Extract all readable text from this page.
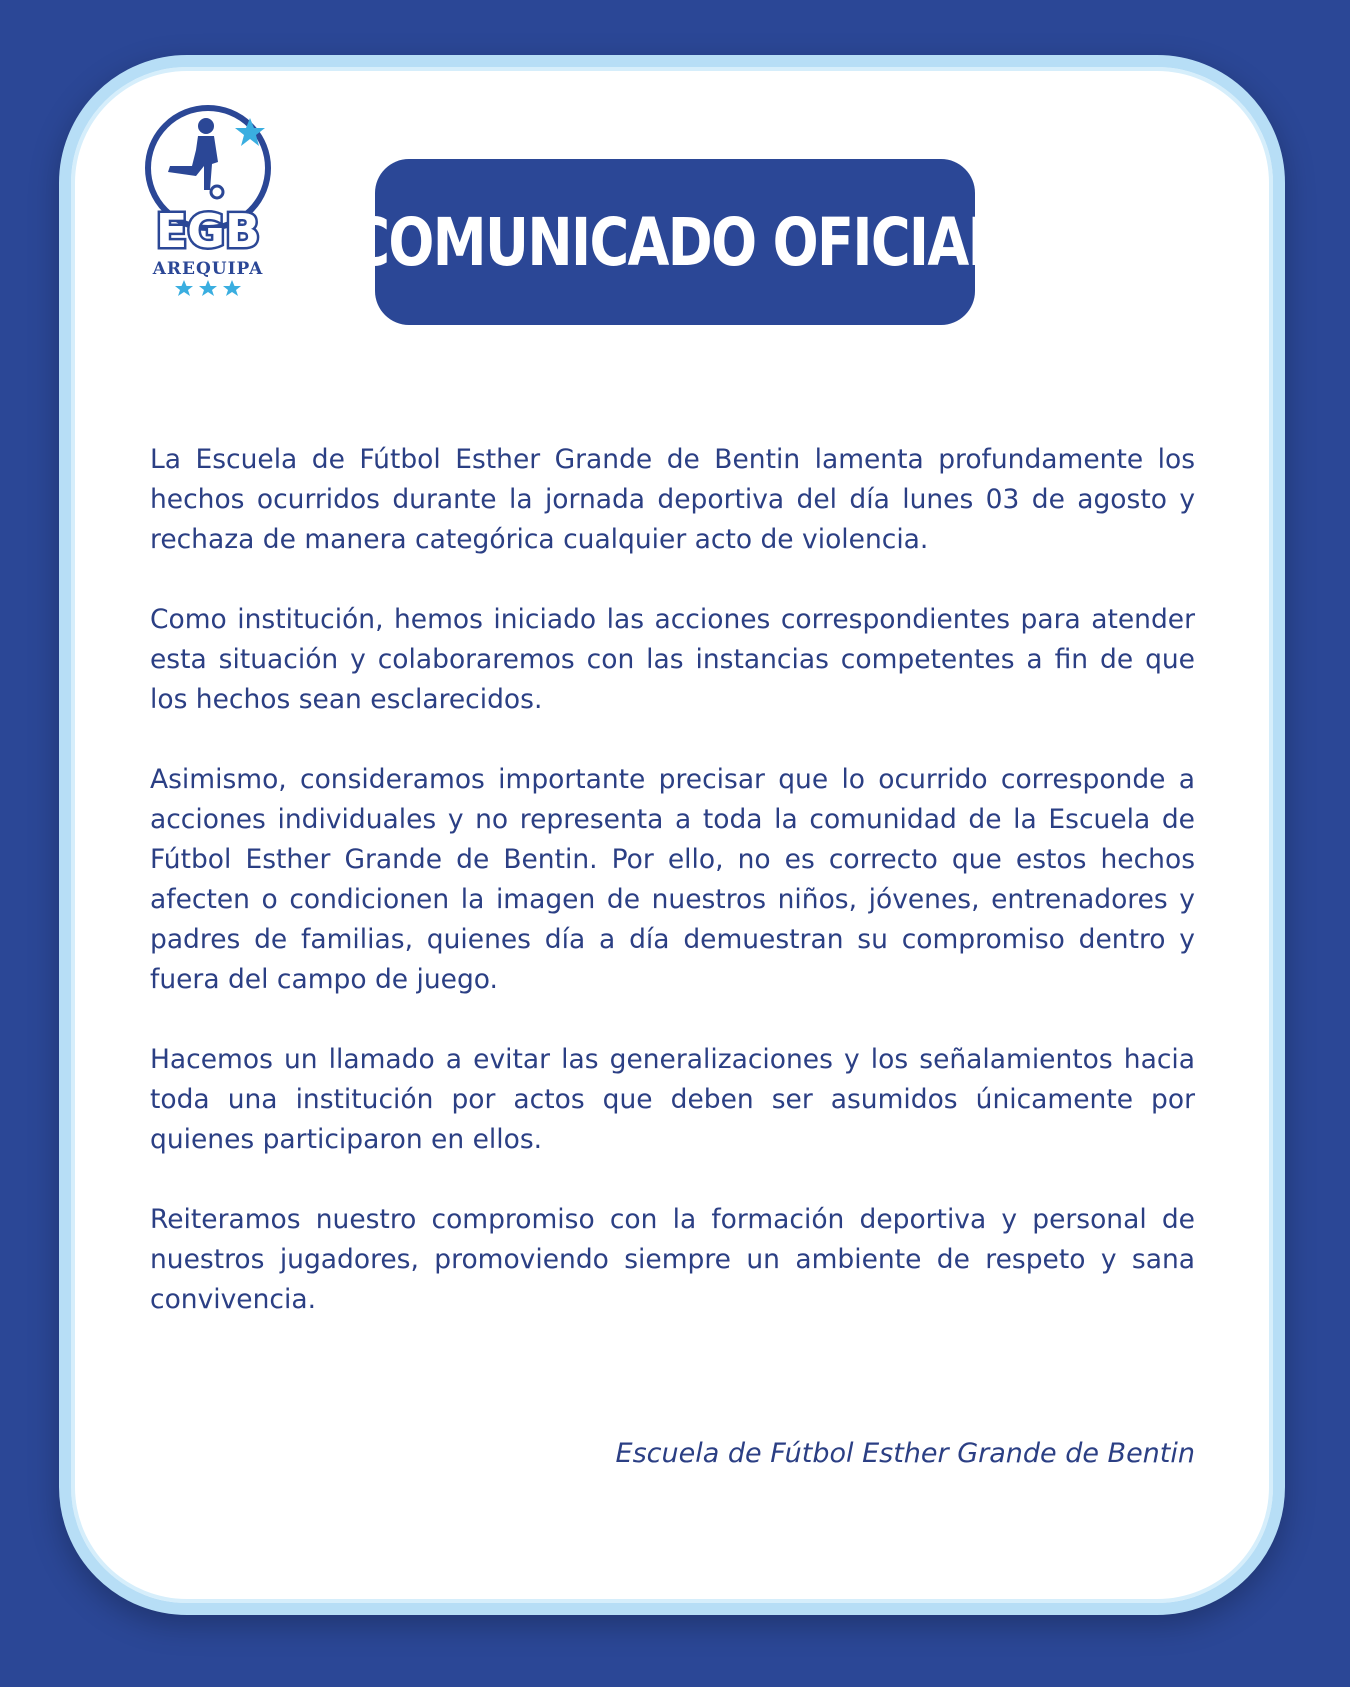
EGB
AREQUIPA COMUNICADO OFICIAL

La Escuela de Fútbol Esther Grande de Bentin lamenta profundamente los hechos ocurridos durante la jornada deportiva del día lunes 03 de agosto y rechaza de manera categórica cualquier acto de violencia.

Como institución, hemos iniciado las acciones correspondientes para atender esta situación y colaboraremos con las instancias competentes a fin de que los hechos sean esclarecidos.

Asimismo, consideramos importante precisar que lo ocurrido corresponde a acciones individuales y no representa a toda la comunidad de la Escuela de Fútbol Esther Grande de Bentin. Por ello, no es correcto que estos hechos afecten o condicionen la imagen de nuestros niños, jóvenes, entrenadores y padres de familias, quienes día a día demuestran su compromiso dentro y fuera del campo de juego.

Hacemos un llamado a evitar las generalizaciones y los señalamientos hacia toda una institución por actos que deben ser asumidos únicamente por quienes participaron en ellos.

Reiteramos nuestro compromiso con la formación deportiva y personal de nuestros jugadores, promoviendo siempre un ambiente de respeto y sana convivencia.

Escuela de Fútbol Esther Grande de Bentin
